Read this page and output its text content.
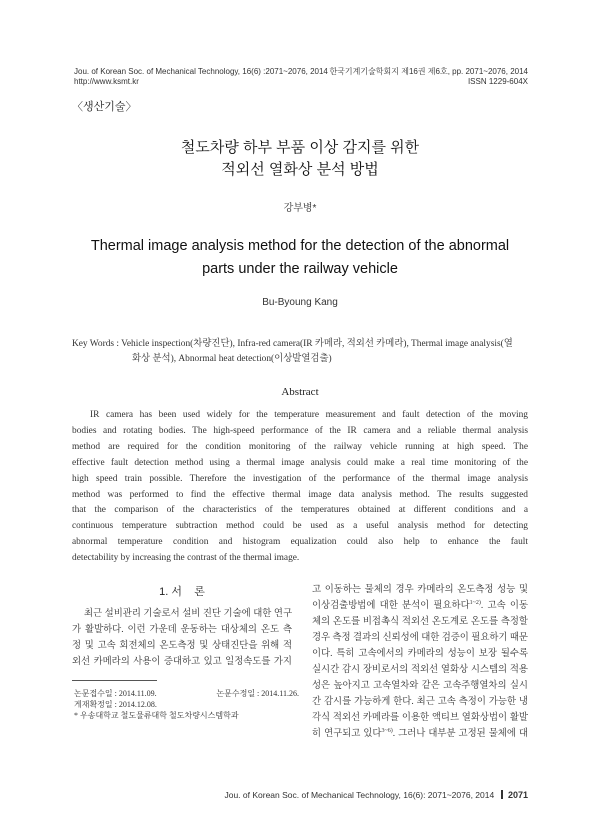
Jou. of Korean Soc. of Mechanical Technology, 16(6) :2071~2076, 2014
http://www.ksmt.kr
한국기계기술학회지 제16권 제6호, pp. 2071~2076, 2014
ISSN 1229-604X
〈생산기술〉
철도차량 하부 부품 이상 감지를 위한
적외선 열화상 분석 방법
강부병*
Thermal image analysis method for the detection of the abnormal
parts under the railway vehicle
Bu-Byoung Kang
Key Words : Vehicle inspection(차량진단), Infra-red camera(IR 카메라, 적외선 카메라), Thermal image analysis(열
화상 분석), Abnormal heat detection(이상발열검출)
Abstract
IR camera has been used widely for the temperature measurement and fault detection of the moving
bodies and rotating bodies. The high-speed performance of the IR camera and a reliable thermal analysis
method are required for the condition monitoring of the railway vehicle running at high speed. The
effective fault detection method using a thermal image analysis could make a real time monitoring of the
high speed train possible. Therefore the investigation of the performance of the thermal image analysis
method was performed to find the effective thermal image data analysis method. The results suggested
that the comparison of the characteristics of the temperatures obtained at different conditions and a
continuous temperature subtraction method could be used as a useful analysis method for detecting
abnormal temperature condition and histogram equalization could also help to enhance the fault
detectability by increasing the contrast of the thermal image.
1. 서    론
최근 설비관리 기술로서 설비 진단 기술에 대한 연구
가 활발하다. 이런 가운데 운동하는 대상체의 온도 측
정 및 고속 회전체의 온도측정 및 상태진단을 위해 적
외선 카메라의 사용이 증대하고 있고 일정속도를 가지
논문접수일 : 2014.11.09.	논문수정일 : 2014.11.26.
게재확정일 : 2014.12.08.
* 우송대학교 철도물류대학 철도차량시스템학과
고 이동하는 물체의 경우 카메라의 온도측정 성능 및
이상검출방법에 대한 분석이 필요하다$^{1\sim 2)}$. 고속 이동
체의 온도를 비접촉식 적외선 온도계로 온도를 측정할
경우 측정 결과의 신뢰성에 대한 검증이 필요하기 때문
이다. 특히 고속에서의 카메라의 성능이 보장 될수록
실시간 감시 장비로서의 적외선 열화상 시스템의 적용
성은 높아지고 고속열차와 같은 고속주행열차의 실시
간 감시를 가능하게 한다. 최근 고속 측정이 가능한 냉
각식 적외선 카메라를 이용한 액티브 열화상법이 활발
히 연구되고 있다$^{3\sim 6)}$. 그러나 대부분 고정된 물체에 대
Jou. of Korean Soc. of Mechanical Technology, 16(6): 2071~2076, 2014 2071
